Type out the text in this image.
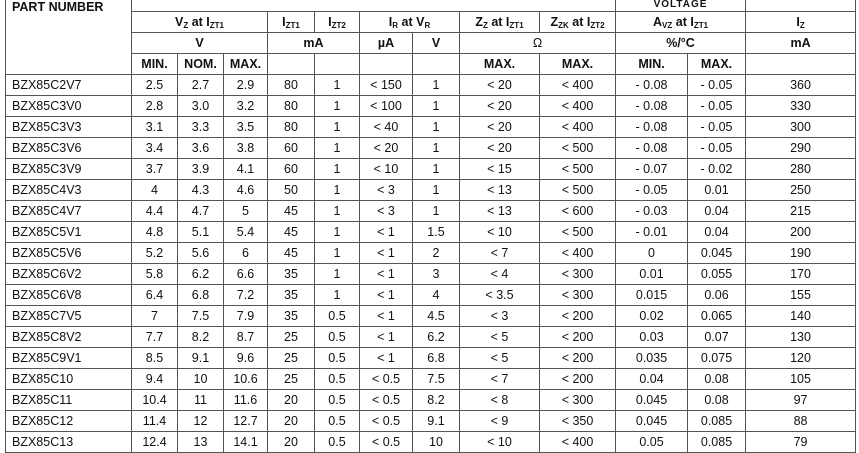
PART NUMBER										VOLTAGE		
	$V_Z$ at $I_{ZT1}$			$I_{ZT1}$	$I_{ZT2}$	$I_R$ at $V_R$		$Z_Z$ at $I_{ZT1}$	$Z_{ZK}$ at $I_{ZT2}$	$A_{VZ}$ at $I_{ZT1}$		$I_Z$
	V			mA		µA	V	Ω		%/°C		mA
	MIN.	NOM.	MAX.					MAX.	MAX.	MIN.	MAX.	
BZX85C2V7	2.5	2.7	2.9	80	1	< 150	1	< 20	< 400	- 0.08	- 0.05	360
BZX85C3V0	2.8	3.0	3.2	80	1	< 100	1	< 20	< 400	- 0.08	- 0.05	330
BZX85C3V3	3.1	3.3	3.5	80	1	< 40	1	< 20	< 400	- 0.08	- 0.05	300
BZX85C3V6	3.4	3.6	3.8	60	1	< 20	1	< 20	< 500	- 0.08	- 0.05	290
BZX85C3V9	3.7	3.9	4.1	60	1	< 10	1	< 15	< 500	- 0.07	- 0.02	280
BZX85C4V3	4	4.3	4.6	50	1	< 3	1	< 13	< 500	- 0.05	0.01	250
BZX85C4V7	4.4	4.7	5	45	1	< 3	1	< 13	< 600	- 0.03	0.04	215
BZX85C5V1	4.8	5.1	5.4	45	1	< 1	1.5	< 10	< 500	- 0.01	0.04	200
BZX85C5V6	5.2	5.6	6	45	1	< 1	2	< 7	< 400	0	0.045	190
BZX85C6V2	5.8	6.2	6.6	35	1	< 1	3	< 4	< 300	0.01	0.055	170
BZX85C6V8	6.4	6.8	7.2	35	1	< 1	4	< 3.5	< 300	0.015	0.06	155
BZX85C7V5	7	7.5	7.9	35	0.5	< 1	4.5	< 3	< 200	0.02	0.065	140
BZX85C8V2	7.7	8.2	8.7	25	0.5	< 1	6.2	< 5	< 200	0.03	0.07	130
BZX85C9V1	8.5	9.1	9.6	25	0.5	< 1	6.8	< 5	< 200	0.035	0.075	120
BZX85C10	9.4	10	10.6	25	0.5	< 0.5	7.5	< 7	< 200	0.04	0.08	105
BZX85C11	10.4	11	11.6	20	0.5	< 0.5	8.2	< 8	< 300	0.045	0.08	97
BZX85C12	11.4	12	12.7	20	0.5	< 0.5	9.1	< 9	< 350	0.045	0.085	88
BZX85C13	12.4	13	14.1	20	0.5	< 0.5	10	< 10	< 400	0.05	0.085	79
